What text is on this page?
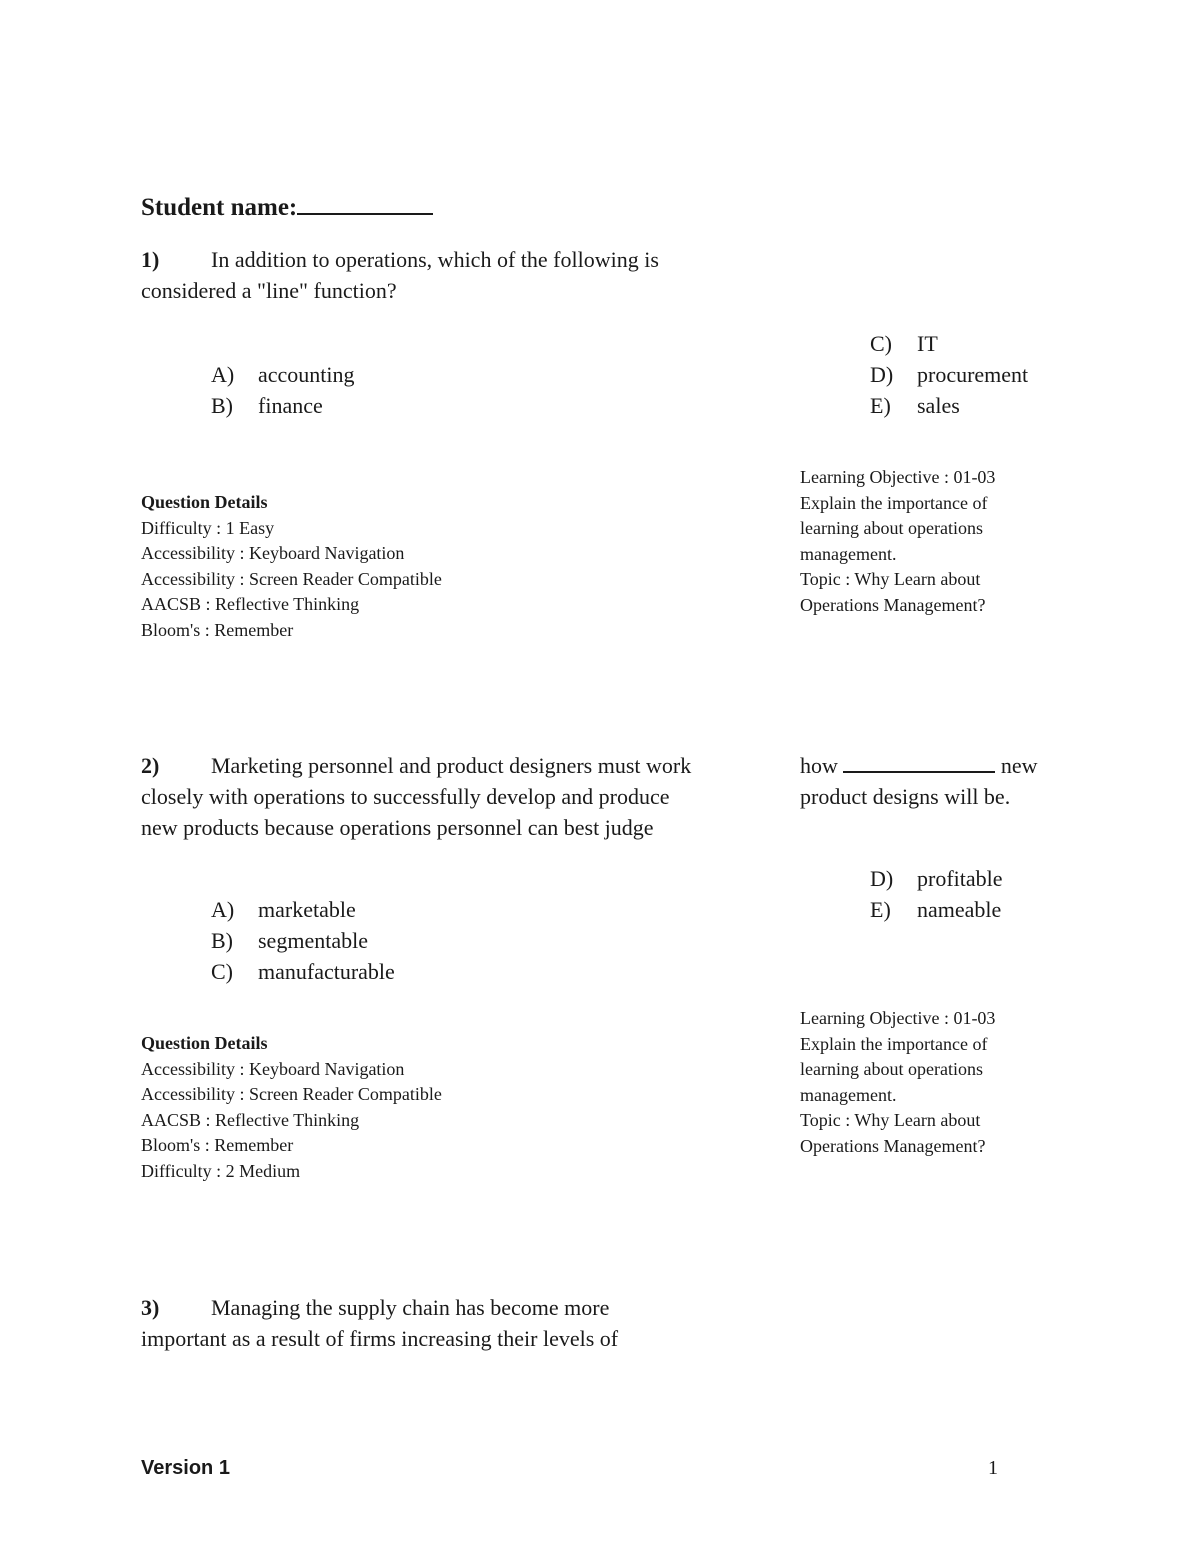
Student name:
1) In addition to operations, which of the following is
considered a "line" function?
A) accounting
B) finance
C) IT
D) procurement
E) sales
Question Details
Difficulty : 1 Easy
Accessibility : Keyboard Navigation
Accessibility : Screen Reader Compatible
AACSB : Reflective Thinking
Bloom's : Remember
Learning Objective : 01-03
Explain the importance of
learning about operations
management.
Topic : Why Learn about
Operations Management?
2) Marketing personnel and product designers must work
closely with operations to successfully develop and produce
new products because operations personnel can best judge
how	new
product designs will be.
A) marketable
B) segmentable
C) manufacturable
D) profitable
E) nameable
Question Details
Accessibility : Keyboard Navigation
Accessibility : Screen Reader Compatible
AACSB : Reflective Thinking
Bloom's : Remember
Difficulty : 2 Medium
Learning Objective : 01-03
Explain the importance of
learning about operations
management.
Topic : Why Learn about
Operations Management?
3) Managing the supply chain has become more
important as a result of firms increasing their levels of
Version 1	1
